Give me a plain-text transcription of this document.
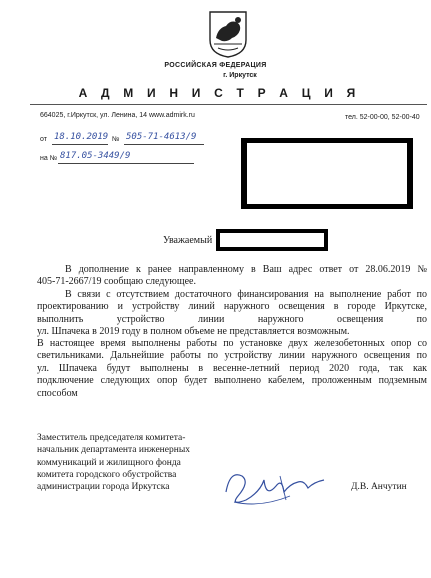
РОССИЙСКАЯ ФЕДЕРАЦИЯ
г. Иркутск
А Д М И Н И С Т Р А Ц И Я
664025, г.Иркутск, ул. Ленина, 14 www.admirk.ru	тел. 52-00-00, 52-00-40
от 18.10.2019 № 505-71-4613/9
на № 817.05-3449/9
Уважаемый
В дополнение к ранее направленному в Ваш адрес ответ от 28.06.2019 №
405-71-2667/19 сообщаю следующее.
В связи с отсутствием достаточного финансирования на выполнение работ по
проектированию и устройству линий наружного освещения в городе Иркутске,
выполнить устройство линии наружного освещения по
ул. Шпачека в 2019 году в полном объеме не представляется возможным.
В настоящее время выполнены работы по установке двух железобетонных опор со
светильниками. Дальнейшие работы по устройству линии наружного освещения по
ул. Шпачека будут выполнены в весенне-летний период 2020 года, так как
подключение следующих опор будет выполнено кабелем, проложенным подземным
способом
Заместитель председателя комитета-
начальник департамента инженерных
коммуникаций и жилищного фонда
комитета городского обустройства
администрации города Иркутска	Д.В. Анчутин
